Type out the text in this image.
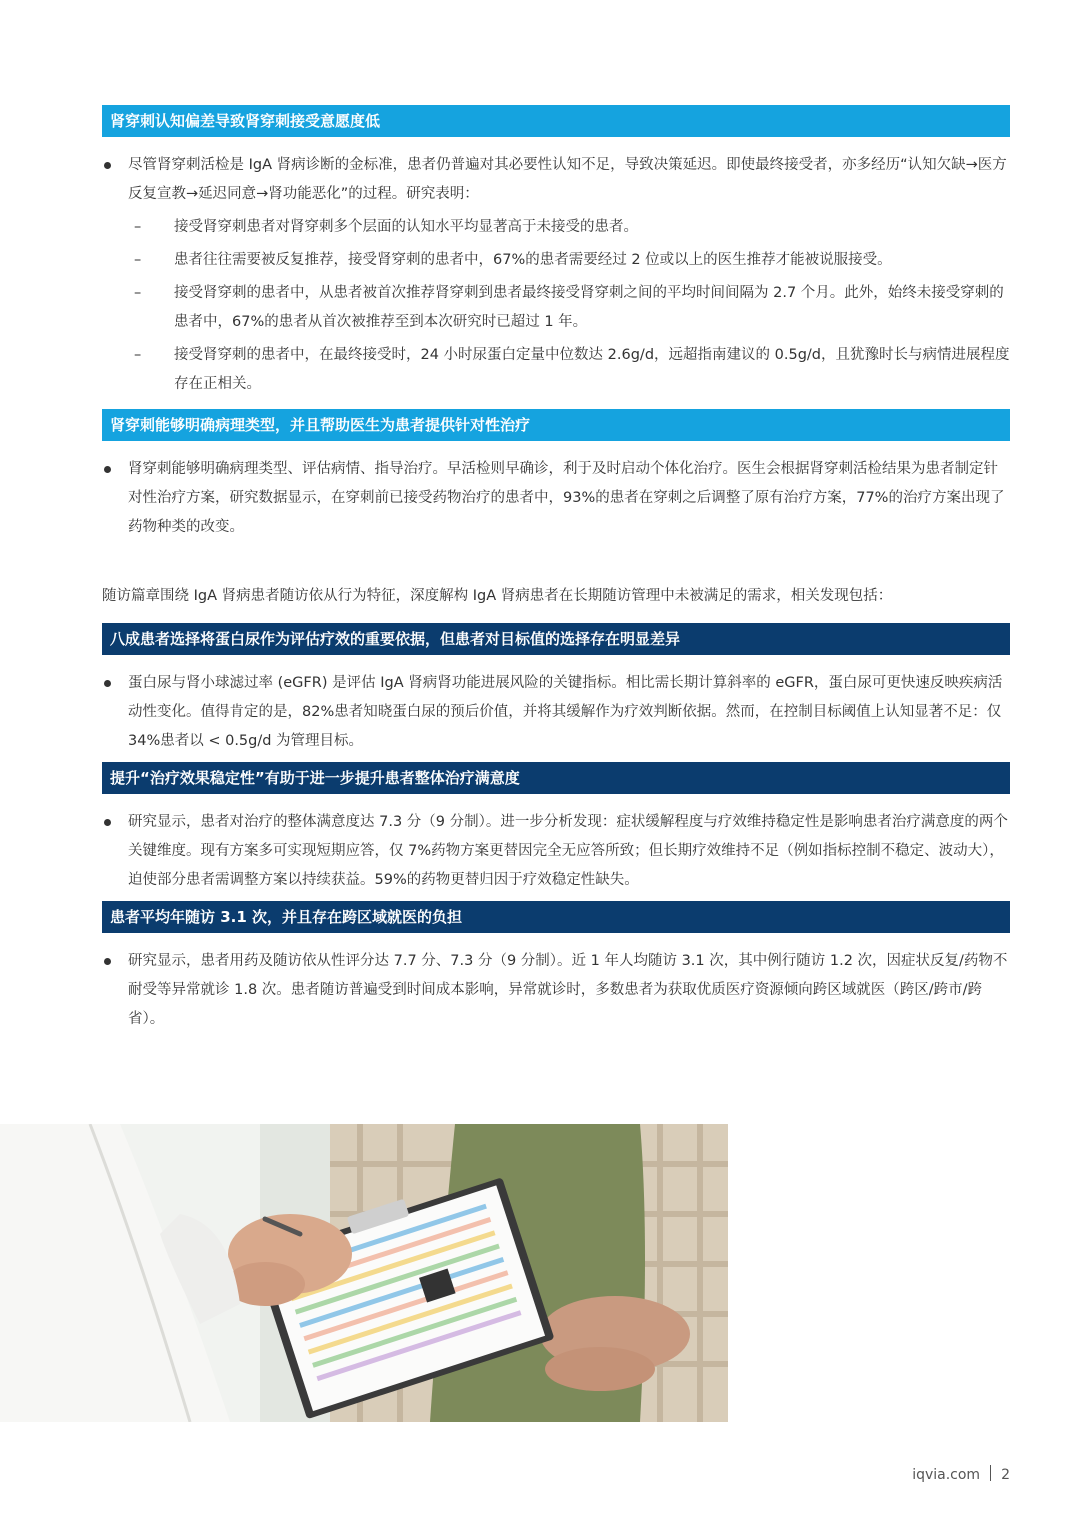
肾穿刺认知偏差导致肾穿刺接受意愿度低
尽管肾穿刺活检是 IgA 肾病诊断的金标准，患者仍普遍对其必要性认知不足，导致决策延迟。即使最终接受者，亦多经历“认知欠缺→医方反复宣教→延迟同意→肾功能恶化”的过程。研究表明：
– 接受肾穿刺患者对肾穿刺多个层面的认知水平均显著高于未接受的患者。
– 患者往往需要被反复推荐，接受肾穿刺的患者中，67%的患者需要经过 2 位或以上的医生推荐才能被说服接受。
– 接受肾穿刺的患者中，从患者被首次推荐肾穿刺到患者最终接受肾穿刺之间的平均时间间隔为 2.7 个月。此外，始终未接受穿刺的患者中，67%的患者从首次被推荐至到本次研究时已超过 1 年。
– 接受肾穿刺的患者中，在最终接受时，24 小时尿蛋白定量中位数达 2.6g/d，远超指南建议的 0.5g/d，且犹豫时长与病情进展程度存在正相关。
肾穿刺能够明确病理类型，并且帮助医生为患者提供针对性治疗
肾穿刺能够明确病理类型、评估病情、指导治疗。早活检则早确诊，利于及时启动个体化治疗。医生会根据肾穿刺活检结果为患者制定针对性治疗方案，研究数据显示，在穿刺前已接受药物治疗的患者中，93%的患者在穿刺之后调整了原有治疗方案，77%的治疗方案出现了药物种类的改变。
随访篇章围绕 IgA 肾病患者随访依从行为特征，深度解构 IgA 肾病患者在长期随访管理中未被满足的需求，相关发现包括：
八成患者选择将蛋白尿作为评估疗效的重要依据，但患者对目标值的选择存在明显差异
蛋白尿与肾小球滤过率 (eGFR) 是评估 IgA 肾病肾功能进展风险的关键指标。相比需长期计算斜率的 eGFR，蛋白尿可更快速反映疾病活动性变化。值得肯定的是，82%患者知晓蛋白尿的预后价值，并将其缓解作为疗效判断依据。然而，在控制目标阈值上认知显著不足：仅 34%患者以 < 0.5g/d 为管理目标。
提升“治疗效果稳定性”有助于进一步提升患者整体治疗满意度
研究显示，患者对治疗的整体满意度达 7.3 分（9 分制）。进一步分析发现：症状缓解程度与疗效维持稳定性是影响患者治疗满意度的两个关键维度。现有方案多可实现短期应答，仅 7%药物方案更替因完全无应答所致；但长期疗效维持不足（例如指标控制不稳定、波动大），迫使部分患者需调整方案以持续获益。59%的药物更替归因于疗效稳定性缺失。
患者平均年随访 3.1 次，并且存在跨区域就医的负担
研究显示，患者用药及随访依从性评分达 7.7 分、7.3 分（9 分制）。近 1 年人均随访 3.1 次，其中例行随访 1.2 次，因症状反复/药物不耐受等异常就诊 1.8 次。患者随访普遍受到时间成本影响，异常就诊时，多数患者为获取优质医疗资源倾向跨区域就医（跨区/跨市/跨省）。
iqvia.com 2
